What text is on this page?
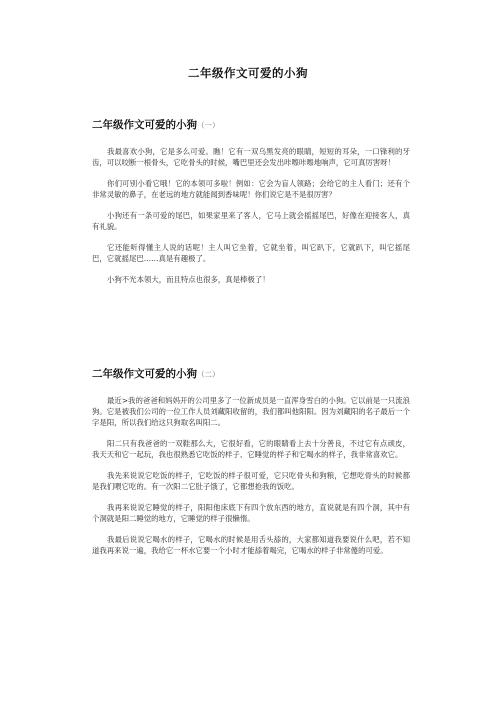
二年级作文可爱的小狗
二年级作文可爱的小狗（一）

我最喜欢小狗，它是多么可爱。瞧！它有一双乌黑发亮的眼睛，短短的耳朵，一口锋利的牙齿，可以咬断一根骨头，它吃骨头的时候，嘴巴里还会发出咔嚓咔嚓地响声，它可真厉害呀！

你们可别小看它哦！它的本领可多啦！例如：它会为盲人领路；会给它的主人看门；还有个非常灵敏的鼻子，在老远的地方就能闻到香味呢！你们说它是不是很厉害？

小狗还有一条可爱的尾巴，如果家里来了客人，它马上就会摇摇尾巴，好像在迎接客人，真有礼貌。

它还能听得懂主人说的话呢！主人叫它坐着，它就坐着，叫它趴下，它就趴下，叫它摇尾巴，它就摇尾巴……真是有趣极了。

小狗不光本领大，而且特点也很多，真是棒极了！

二年级作文可爱的小狗（二）

最近>我的爸爸和妈妈开的公司里多了一位新成员是一直浑身雪白的小狗。它以前是一只流浪狗。它是被我们公司的一位工作人员刘藏阳收留的，我们都叫他阳阳。因为刘藏阳的名子最后一个字是阳，所以我们给这只狗取名叫阳二。

阳二只有我爸爸的一双鞋那么大，它很好看，它的眼睛看上去十分善良，不过它有点顽皮，我天天和它一起玩，我也很熟悉它吃饭的样子、它睡觉的样子和它喝水的样子，我非常喜欢它。

我先来说说它吃饭的样子，它吃饭的样子很可爱，它只吃骨头和狗粮，它想吃骨头的时候都是我们喂它吃的。有一次阳二它肚子饿了，它都想抢我的饭吃。

我再来说说它睡觉的样子，阳阳他床底下有四个放东西的地方，直说就是有四个洞，其中有个洞就是阳二睡觉的地方，它睡觉的样子很懒惰。

我最后说说它喝水的样子，它喝水的时候是用舌头舔的，大家都知道我要说什么吧，若不知道我再来说一遍，我给它一杯水它要一个小时才能舔着喝完，它喝水的样子非常傻的可爱。
